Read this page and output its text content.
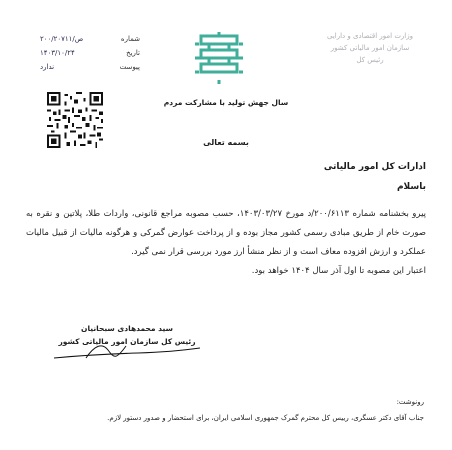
وزارت امور اقتصادی و دارایی
سازمان امور مالیاتی کشور
رئیس کل
شماره
۲۰۰/۲۰۷۱۱/ص
تاریخ
۱۴۰۳/۱۰/۲۴
پیوست
ندارد
سال جهش تولید با مشارکت مردم
بسمه تعالی
ادارات کل امور مالیاتی
باسلام

پیرو بخشنامه شماره ۲۰۰/۶۱۱۳/د مورخ ۱۴۰۳/۰۳/۲۷، حسب مصوبه مراجع قانونی، واردات طلا، پلاتین و نقره به صورت خام از طریق مبادی رسمی کشور مجاز بوده و از پرداخت عوارض گمرکی و هرگونه مالیات از قبیل مالیات عملکرد و ارزش افزوده معاف است و از نظر منشأ ارز مورد بررسی قرار نمی گیرد.

اعتبار این مصوبه تا اول آذر سال ۱۴۰۴ خواهد بود.

سید محمدهادی سبحانیان
رئیس کل سازمان امور مالیاتی کشور
رونوشت:
جناب آقای دکتر عسگری، رییس کل محترم گمرک جمهوری اسلامی ایران، برای استحضار و صدور دستور لازم.
